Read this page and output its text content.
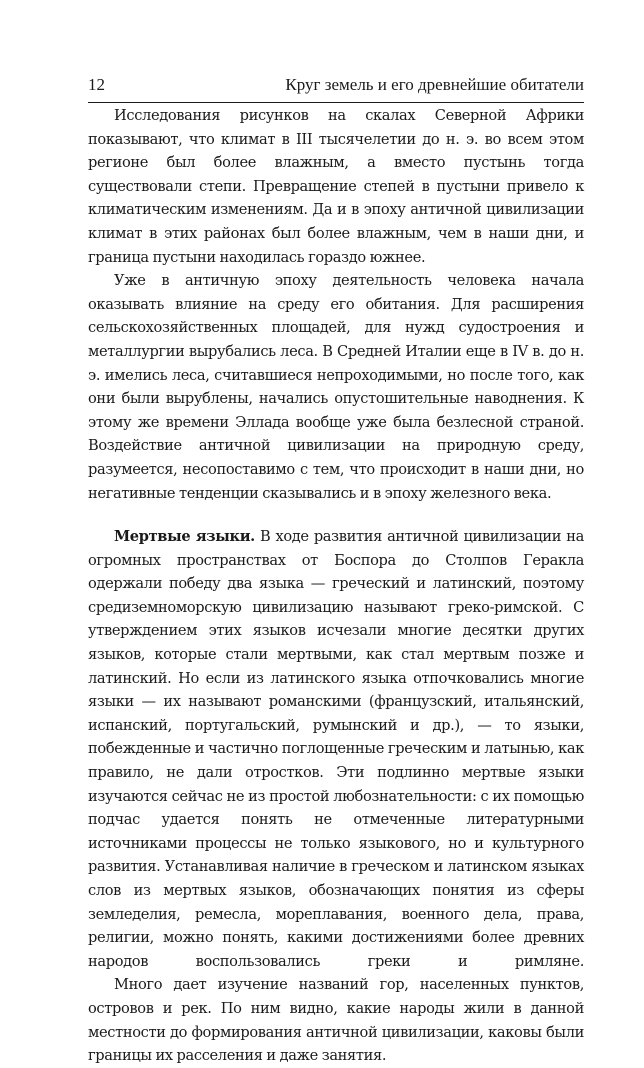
12	Круг земель и его древнейшие обитатели

Исследования рисунков на скалах Северной Африки показывают, что климат в III тысячелетии до н. э. во всем этом регионе был более влажным, а вместо пустынь тогда существовали степи. Превращение степей в пустыни привело к климатическим изменениям. Да и в эпоху античной цивилизации климат в этих районах был более влажным, чем в наши дни, и граница пустыни находилась гораздо южнее.

Уже в античную эпоху деятельность человека начала оказывать влияние на среду его обитания. Для расширения сельскохозяйственных площадей, для нужд судостроения и металлургии вырубались леса. В Средней Италии еще в IV в. до н. э. имелись леса, считавшиеся непроходимыми, но после того, как они были вырублены, начались опустошительные наводнения. К этому же времени Эллада вообще уже была безлесной страной. Воздействие античной цивилизации на природную среду, разумеется, несопоставимо с тем, что происходит в наши дни, но негативные тенденции сказывались и в эпоху железного века.

Мертвые языки. В ходе развития античной цивилизации на огромных пространствах от Боспора до Столпов Геракла одержали победу два языка — греческий и латинский, поэтому средиземноморскую цивилизацию называют греко-римской. С утверждением этих языков исчезали многие десятки других языков, которые стали мертвыми, как стал мертвым позже и латинский. Но если из латинского языка отпочковались многие языки — их называют романскими (французский, итальянский, испанский, португальский, румынский и др.), — то языки, побежденные и частично поглощенные греческим и латынью, как правило, не дали отростков. Эти подлинно мертвые языки изучаются сейчас не из простой любознательности: с их помощью подчас удается понять не отмеченные литературными источниками процессы не только языкового, но и культурного развития. Устанавливая наличие в греческом и латинском языках слов из мертвых языков, обозначающих понятия из сферы земледелия, ремесла, мореплавания, военного дела, права, религии, можно понять, какими достижениями более древних народов воспользовались греки и римляне.

Много дает изучение названий гор, населенных пунктов, островов и рек. По ним видно, какие народы жили в данной местности до формирования античной цивилизации, каковы были границы их расселения и даже занятия.
